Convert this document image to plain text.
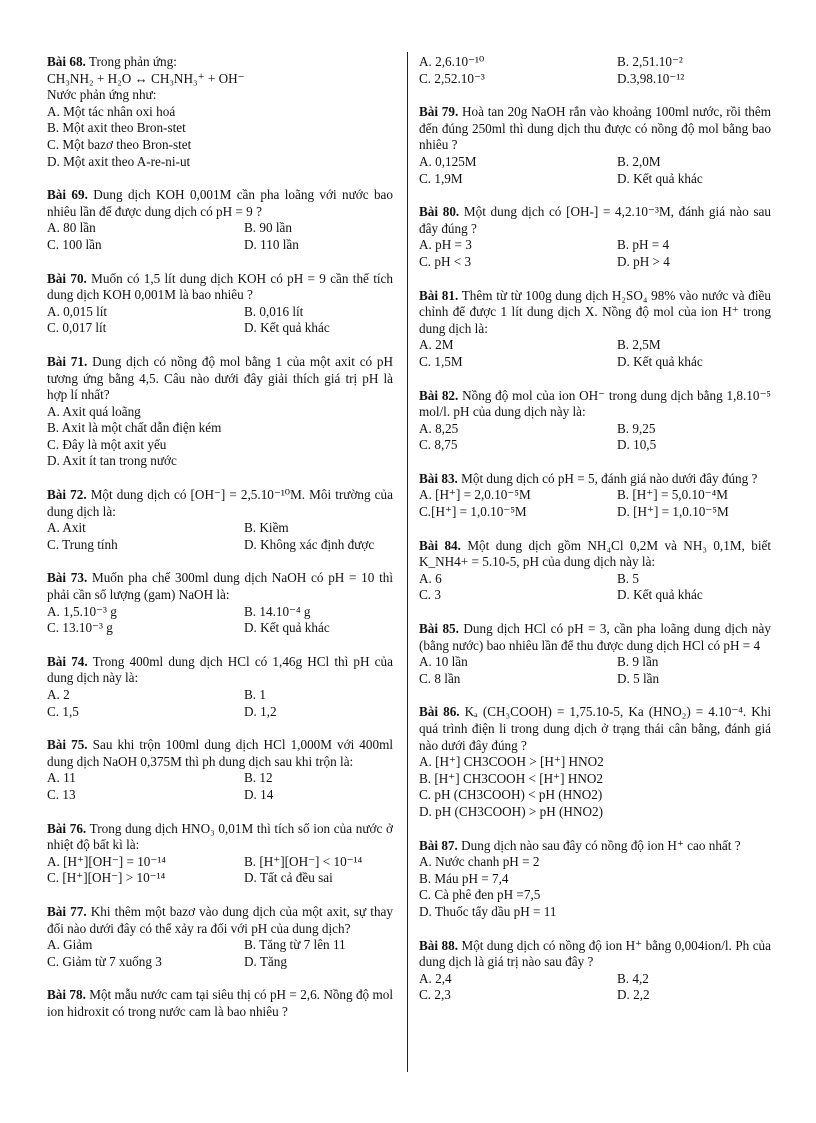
Bài 68. Trong phản ứng:
CH₃NH₂ + H₂O ↔ CH₃NH₃⁺ + OH⁻
Nước phản ứng như:
A. Một tác nhân oxi hoá
B. Một axit theo Bron-stet
C. Một bazơ theo Bron-stet
D. Một axit theo A-re-ni-ut
Bài 69. Dung dịch KOH 0,001M cần pha loãng với nước bao nhiêu lần để được dung dịch có pH = 9 ?
A. 80 lần	B. 90 lần
C. 100 lần	D. 110 lần
Bài 70. Muốn có 1,5 lít dung dịch KOH có pH = 9 cần thể tích dung dịch KOH 0,001M là bao nhiêu ?
A. 0,015 lít	B. 0,016 lít
C. 0,017 lít	D. Kết quả khác
Bài 71. Dung dịch có nồng độ mol bằng 1 của một axit có pH tương ứng bằng 4,5. Câu nào dưới đây giải thích giá trị pH là hợp lí nhất?
A. Axit quá loãng
B. Axit là một chất dẫn điện kém
C. Đây là một axit yếu
D. Axit ít tan trong nước
Bài 72. Một dung dịch có [OH⁻] = 2,5.10⁻¹⁰M. Môi trường của dung dịch là:
A. Axit	B. Kiềm
C. Trung tính	D. Không xác định được
Bài 73. Muốn pha chế 300ml dung dịch NaOH có pH = 10 thì phải cần số lượng (gam) NaOH là:
A. 1,5.10⁻³ g	B. 14.10⁻⁴ g
C. 13.10⁻³ g	D. Kết quả khác
Bài 74. Trong 400ml dung dịch HCl có 1,46g HCl thì pH của dung dịch này là:
A. 2	B. 1
C. 1,5	D. 1,2
Bài 75. Sau khi trộn 100ml dung dịch HCl 1,000M với 400ml dung dịch NaOH 0,375M thì ph dung dịch sau khi trộn là:
A. 11	B. 12
C. 13	D. 14
Bài 76. Trong dung dịch HNO₃ 0,01M thì tích số ion của nước ở nhiệt độ bất kì là:
A. [H⁺][OH⁻] = 10⁻¹⁴	B. [H⁺][OH⁻] < 10⁻¹⁴
C. [H⁺][OH⁻] > 10⁻¹⁴	D. Tất cả đều sai
Bài 77. Khi thêm một bazơ vào dung dịch của một axit, sự thay đổi nào dưới đây có thể xảy ra đối với pH của dung dịch?
A. Giảm	B. Tăng từ 7 lên 11
C. Giảm từ 7 xuống 3	D. Tăng
Bài 78. Một mẫu nước cam tại siêu thị có pH = 2,6. Nồng độ mol ion hidroxit có trong nước cam là bao nhiêu ?
A. 2,6.10⁻¹⁰	B. 2,51.10⁻²
C. 2,52.10⁻³	D.3,98.10⁻¹²
Bài 79. Hoà tan 20g NaOH rắn vào khoảng 100ml nước, rồi thêm đến đúng 250ml thì dung dịch thu được có nồng độ mol bằng bao nhiêu ?
A. 0,125M	B. 2,0M
C. 1,9M	D. Kết quả khác
Bài 80. Một dung dịch có [OH-] = 4,2.10⁻³M, đánh giá nào sau đây đúng ?
A. pH = 3	B. pH = 4
C. pH < 3	D. pH > 4
Bài 81. Thêm từ từ 100g dung dịch H₂SO₄ 98% vào nước và điều chỉnh để được 1 lít dung dịch X. Nồng độ mol của ion H⁺ trong dung dịch là:
A. 2M	B. 2,5M
C. 1,5M	D. Kết quả khác
Bài 82. Nồng độ mol của ion OH⁻ trong dung dịch bằng 1,8.10⁻⁵ mol/l. pH của dung dịch này là:
A. 8,25	B. 9,25
C. 8,75	D. 10,5
Bài 83. Một dung dịch có pH = 5, đánh giá nào dưới đây đúng ?
A. [H⁺] = 2,0.10⁻⁵M	B. [H⁺] = 5,0.10⁻⁴M
C.[H⁺] = 1,0.10⁻⁵M	D. [H⁺] = 1,0.10⁻⁵M
Bài 84. Một dung dịch gồm NH₄Cl 0,2M và NH₃ 0,1M, biết K_NH4+ = 5.10-5, pH của dung dịch này là:
A. 6	B. 5
C. 3	D. Kết quả khác
Bài 85. Dung dịch HCl có pH = 3, cần pha loãng dung dịch này (bằng nước) bao nhiêu lần để thu được dung dịch HCl có pH = 4
A. 10 lần	B. 9 lần
C. 8 lần	D. 5 lần
Bài 86. Kₐ (CH₃COOH) = 1,75.10-5, Ka (HNO₂) = 4.10⁻⁴. Khi quá trình điện li trong dung dịch ở trạng thái cân bằng, đánh giá nào dưới đây đúng ?
A. [H⁺] CH3COOH > [H⁺] HNO2
B. [H⁺] CH3COOH < [H⁺] HNO2
C. pH (CH3COOH) < pH (HNO2)
D. pH (CH3COOH) > pH (HNO2)
Bài 87. Dung dịch nào sau đây có nồng độ ion H⁺ cao nhất ?
A. Nước chanh pH = 2
B. Máu pH = 7,4
C. Cà phê đen pH =7,5
D. Thuốc tẩy dầu pH = 11
Bài 88. Một dung dịch có nồng độ ion H⁺ bằng 0,004ion/l. Ph của dung dịch là giá trị nào sau đây ?
A. 2,4	B. 4,2
C. 2,3	D. 2,2
